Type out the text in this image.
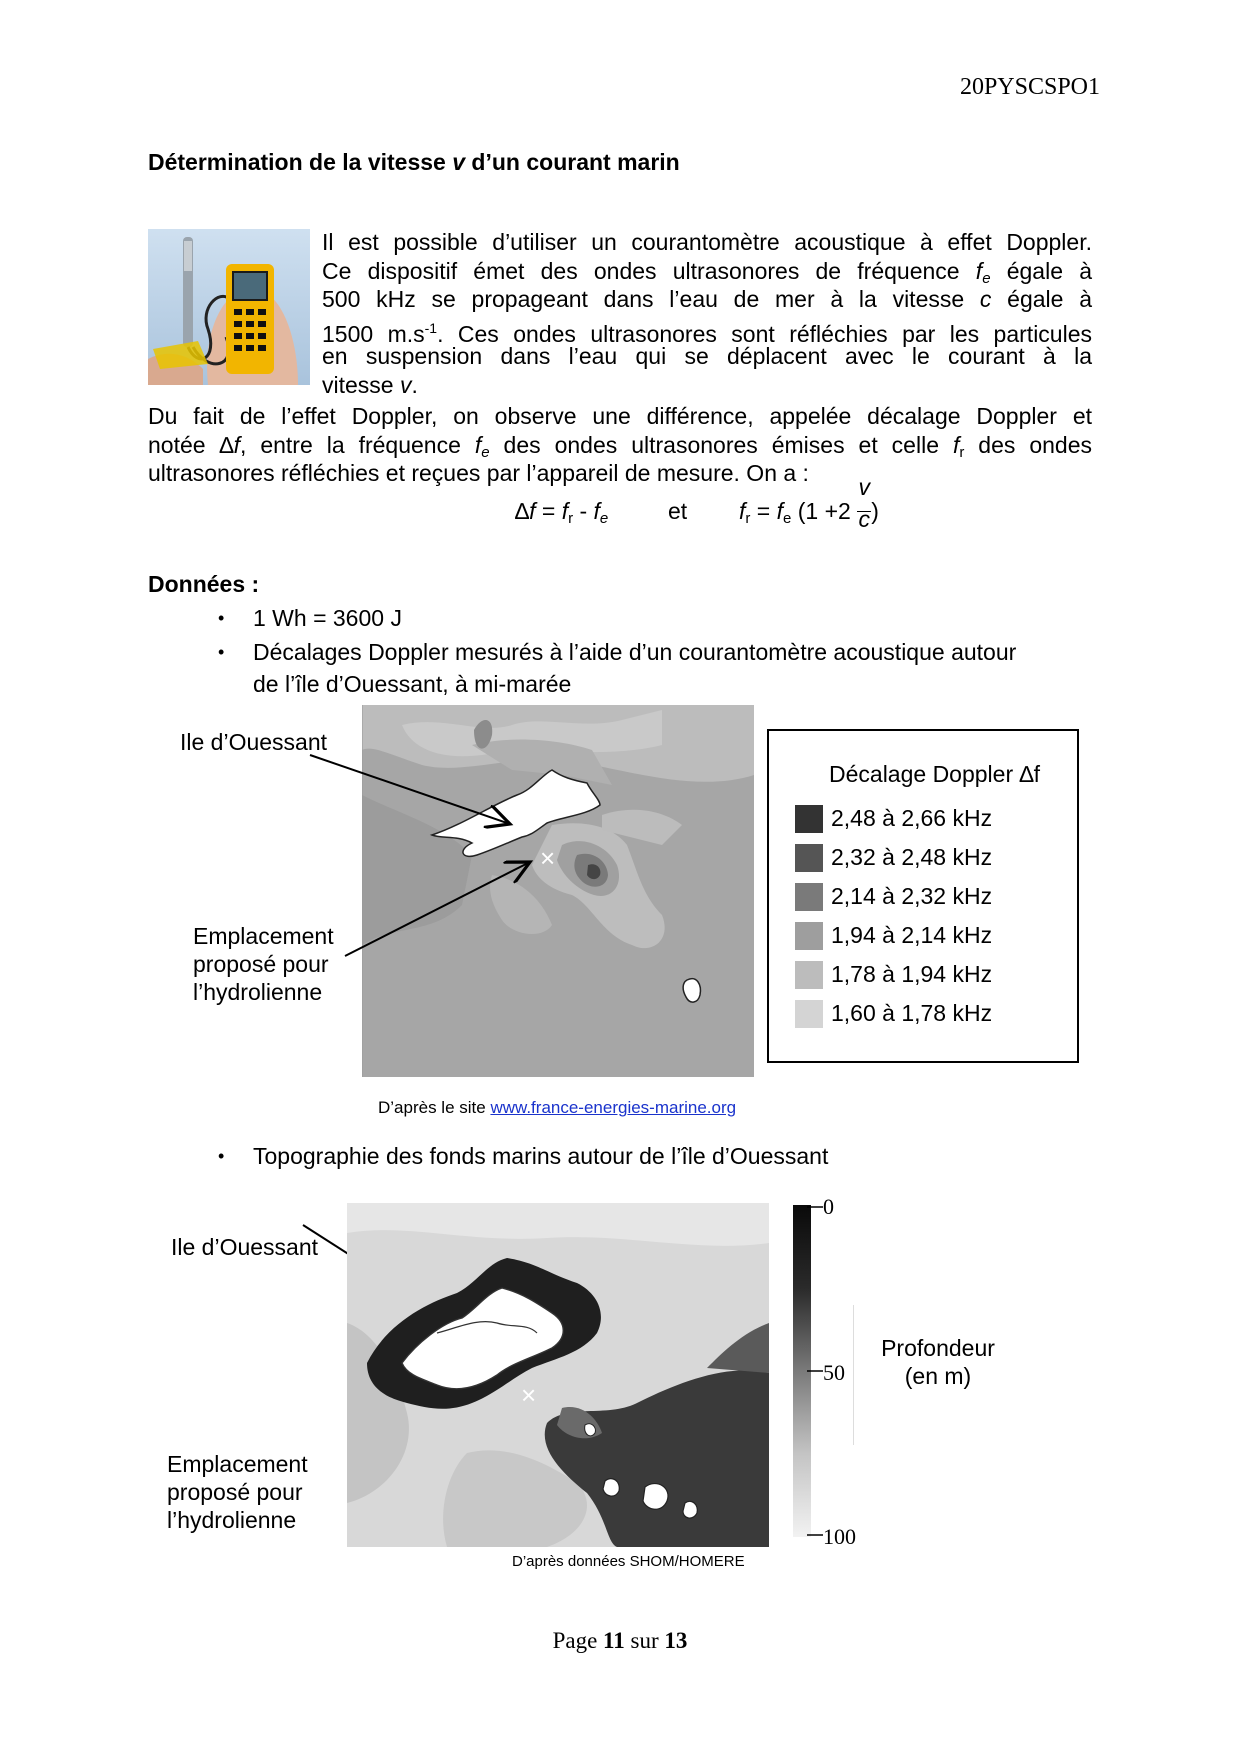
20PYSCSPO1
Détermination de la vitesse v d’un courant marin
Il est possible d’utiliser un courantomètre acoustique à effet Doppler.
Ce dispositif émet des ondes ultrasonores de fréquence fe égale à
500 kHz se propageant dans l’eau de mer à la vitesse c égale à
1500 $m.s^{-1}$. Ces ondes ultrasonores sont réfléchies par les particules
en suspension dans l’eau qui se déplacent avec le courant à la
vitesse v.
Du fait de l’effet Doppler, on observe une différence, appelée décalage Doppler et
notée ∆f, entre la fréquence fe des ondes ultrasonores émises et celle fr des ondes
ultrasonores réfléchies et reçues par l’appareil de mesure. On a :
∆f = fr - fe	et fr = fe ($1 +2 \frac{v}{c}$ )
Données :
• 1 Wh = 3600 J
• Décalages Doppler mesurés à l’aide d’un courantomètre acoustique autour
de l’île d’Ouessant, à mi-marée
×
Ile d’Ouessant
Emplacement
proposé pour
l’hydrolienne
Décalage Doppler ∆f
2,48 à 2,66 kHz
2,32 à 2,48 kHz
2,14 à 2,32 kHz
1,94 à 2,14 kHz
1,78 à 1,94 kHz
1,60 à 1,78 kHz
D’après le site www.france-energies-marine.org
• Topographie des fonds marins autour de l’île d’Ouessant
×
Ile d’Ouessant
Emplacement
proposé pour
l’hydrolienne
0
50
100
Profondeur
(en m)
D’après données SHOM/HOMERE
Page 11 sur 13
